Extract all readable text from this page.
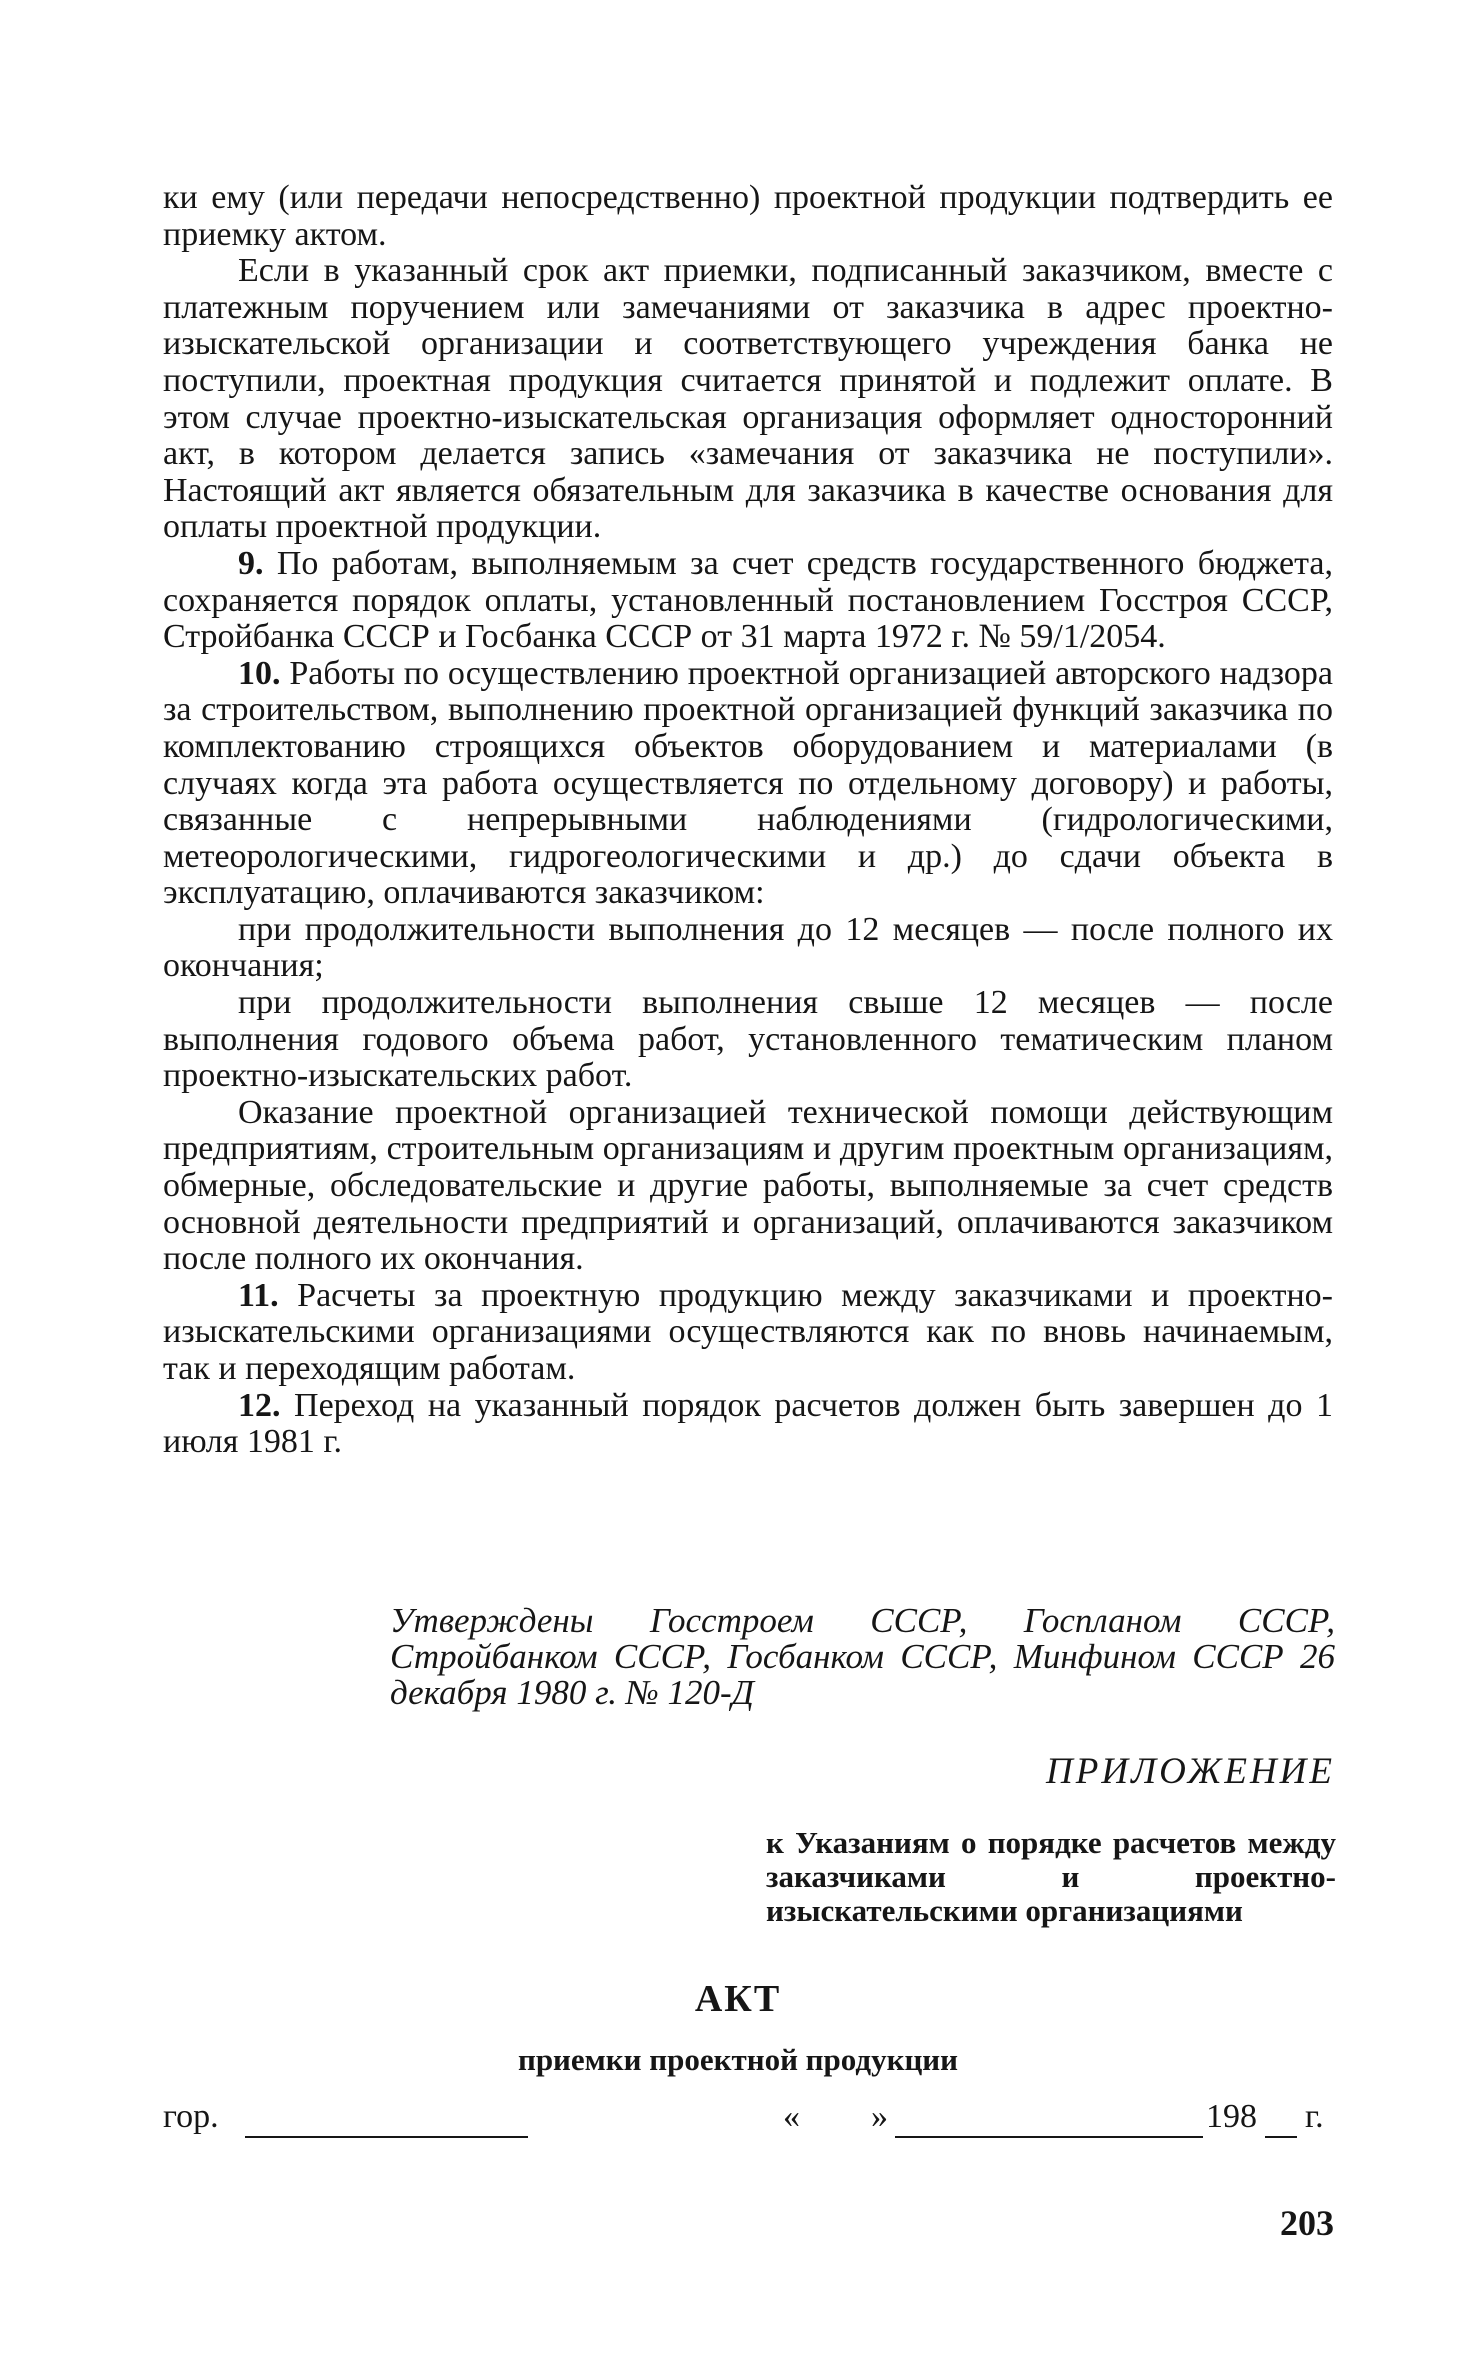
ки ему (или передачи непосредственно) проектной продукции подтвердить ее приемку актом.

Если в указанный срок акт приемки, подписанный заказчиком, вместе с платежным поручением или замечаниями от заказчика в адрес проектно-изыскательской организации и соответствующего учреждения банка не поступили, проектная продукция считается принятой и подлежит оплате. В этом случае проектно-изыскательская организация оформляет односторонний акт, в котором делается запись «замечания от заказчика не поступили». Настоящий акт является обязательным для заказчика в качестве основания для оплаты проектной продукции.

9. По работам, выполняемым за счет средств государственного бюджета, сохраняется порядок оплаты, установленный постановлением Госстроя СССР, Стройбанка СССР и Госбанка СССР от 31 марта 1972 г. № 59/1/2054.

10. Работы по осуществлению проектной организацией авторского надзора за строительством, выполнению проектной организацией функций заказчика по комплектованию строящихся объектов оборудованием и материалами (в случаях когда эта работа осуществляется по отдельному договору) и работы, связанные с непрерывными наблюдениями (гидрологическими, метеорологическими, гидрогеологическими и др.) до сдачи объекта в эксплуатацию, оплачиваются заказчиком:

при продолжительности выполнения до 12 месяцев — после полного их окончания;

при продолжительности выполнения свыше 12 месяцев — после выполнения годового объема работ, установленного тематическим планом проектно-изыскательских работ.

Оказание проектной организацией технической помощи действующим предприятиям, строительным организациям и другим проектным организациям, обмерные, обследовательские и другие работы, выполняемые за счет средств основной деятельности предприятий и организаций, оплачиваются заказчиком после полного их окончания.

11. Расчеты за проектную продукцию между заказчиками и проектно-изыскательскими организациями осуществляются как по вновь начинаемым, так и переходящим работам.

12. Переход на указанный порядок расчетов должен быть завершен до 1 июля 1981 г.

Утверждены Госстроем СССР, Госпланом СССР, Стройбанком СССР, Госбанком СССР, Минфином СССР 26 декабря 1980 г. № 120-Д

ПРИЛОЖЕНИЕ

к Указаниям о порядке расчетов между заказчиками и проектно-изыскательскими организациями

АКТ
приемки проектной продукции
гор.	« »	198 г.
203
